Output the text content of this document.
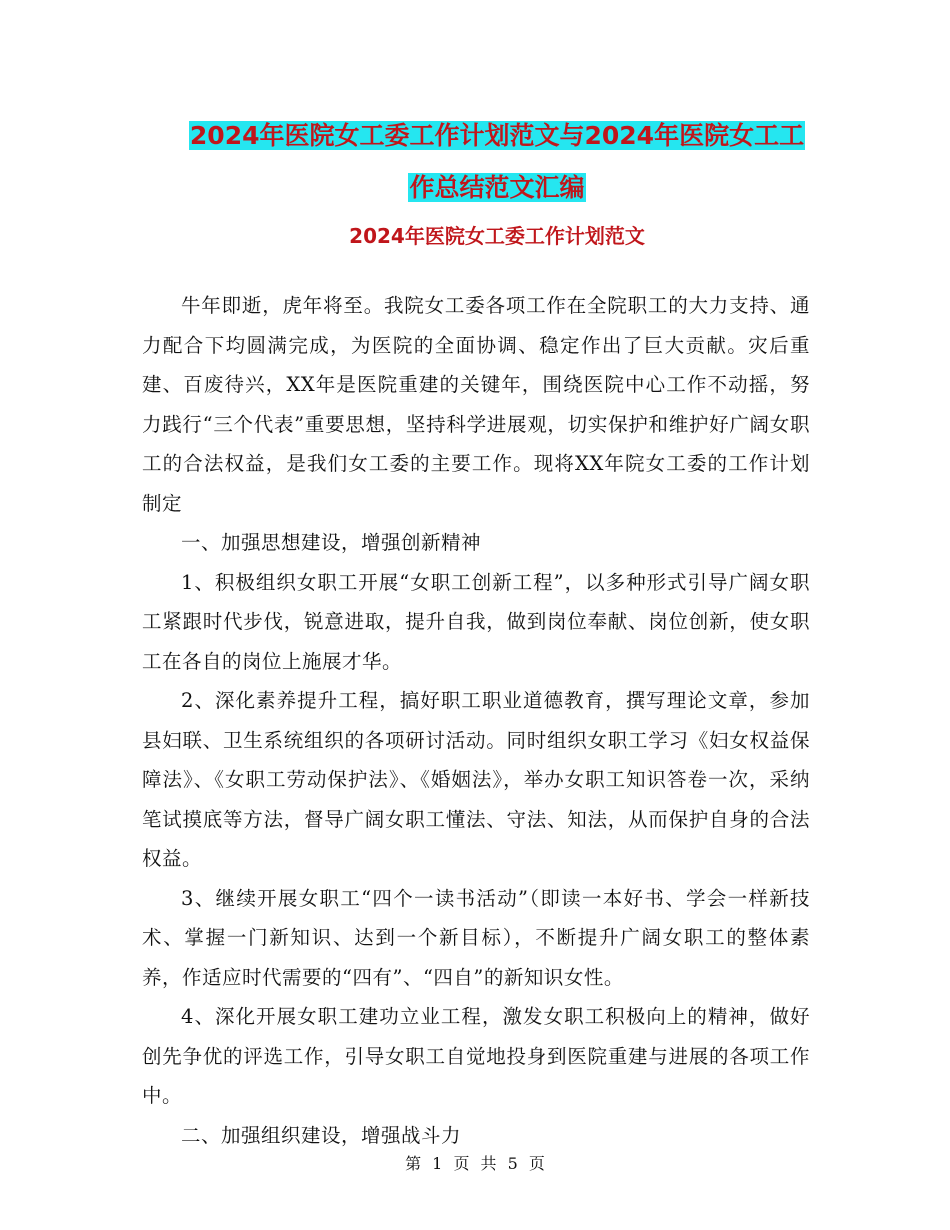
2024年医院女工委工作计划范文与2024年医院女工工
作总结范文汇编
2024年医院女工委工作计划范文

牛年即逝，虎年将至。我院女工委各项工作在全院职工的大力支持、通力配合下均圆满完成，为医院的全面协调、稳定作出了巨大贡献。灾后重建、百废待兴，XX年是医院重建的关键年，围绕医院中心工作不动摇，努力践行“三个代表”重要思想，坚持科学进展观，切实保护和维护好广阔女职工的合法权益，是我们女工委的主要工作。现将XX年院女工委的工作计划制定

一、加强思想建设，增强创新精神

1、积极组织女职工开展“女职工创新工程”，以多种形式引导广阔女职工紧跟时代步伐，锐意进取，提升自我，做到岗位奉献、岗位创新，使女职工在各自的岗位上施展才华。

2、深化素养提升工程，搞好职工职业道德教育，撰写理论文章，参加县妇联、卫生系统组织的各项研讨活动。同时组织女职工学习《妇女权益保障法》、《女职工劳动保护法》、《婚姻法》，举办女职工知识答卷一次，采纳笔试摸底等方法，督导广阔女职工懂法、守法、知法，从而保护自身的合法权益。

3、继续开展女职工“四个一读书活动”（即读一本好书、学会一样新技术、掌握一门新知识、达到一个新目标），不断提升广阔女职工的整体素养，作适应时代需要的“四有”、“四自”的新知识女性。

4、深化开展女职工建功立业工程，激发女职工积极向上的精神，做好创先争优的评选工作，引导女职工自觉地投身到医院重建与进展的各项工作中。

二、加强组织建设，增强战斗力

第 1 页 共 5 页
